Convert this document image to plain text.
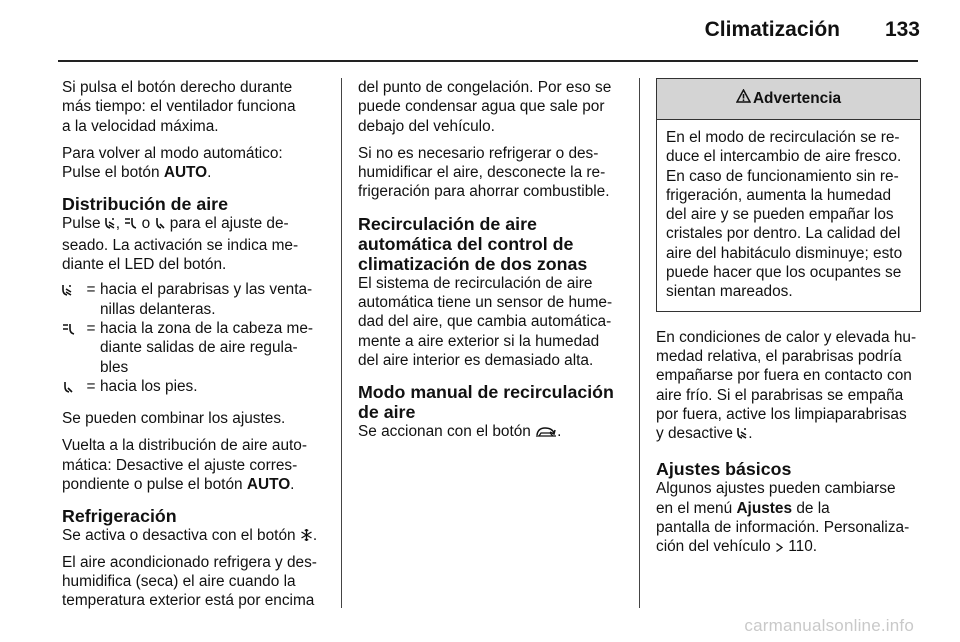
Climatización 133

Si pulsa el botón derecho durante
más tiempo: el ventilador funciona
a la velocidad máxima.

Para volver al modo automático:
Pulse el botón AUTO.

Distribución de aire

Pulse ,  o  para el ajuste de-
seado. La activación se indica me-
diante el LED del botón.

= hacia el parabrisas y las venta-
nillas delanteras.
= hacia la zona de la cabeza me-
diante salidas de aire regula-
bles
= hacia los pies.

Se pueden combinar los ajustes.

Vuelta a la distribución de aire auto-
mática: Desactive el ajuste corres-
pondiente o pulse el botón AUTO.

Refrigeración

Se activa o desactiva con el botón .

El aire acondicionado refrigera y des-
humidifica (seca) el aire cuando la
temperatura exterior está por encima

del punto de congelación. Por eso se
puede condensar agua que sale por
debajo del vehículo.

Si no es necesario refrigerar o des-
humidificar el aire, desconecte la re-
frigeración para ahorrar combustible.

Recirculación de aire
automática del control de
climatización de dos zonas

El sistema de recirculación de aire
automática tiene un sensor de hume-
dad del aire, que cambia automática-
mente a aire exterior si la humedad
del aire interior es demasiado alta.

Modo manual de recirculación
de aire

Se accionan con el botón .

Advertencia
En el modo de recirculación se re-
duce el intercambio de aire fresco.
En caso de funcionamiento sin re-
frigeración, aumenta la humedad
del aire y se pueden empañar los
cristales por dentro. La calidad del
aire del habitáculo disminuye; esto
puede hacer que los ocupantes se
sientan mareados.

En condiciones de calor y elevada hu-
medad relativa, el parabrisas podría
empañarse por fuera en contacto con
aire frío. Si el parabrisas se empaña
por fuera, active los limpiaparabrisas
y desactive .

Ajustes básicos

Algunos ajustes pueden cambiarse
en el menú Ajustes de la
pantalla de información. Personaliza-
ción del vehículo  110.

carmanualsonline.info
